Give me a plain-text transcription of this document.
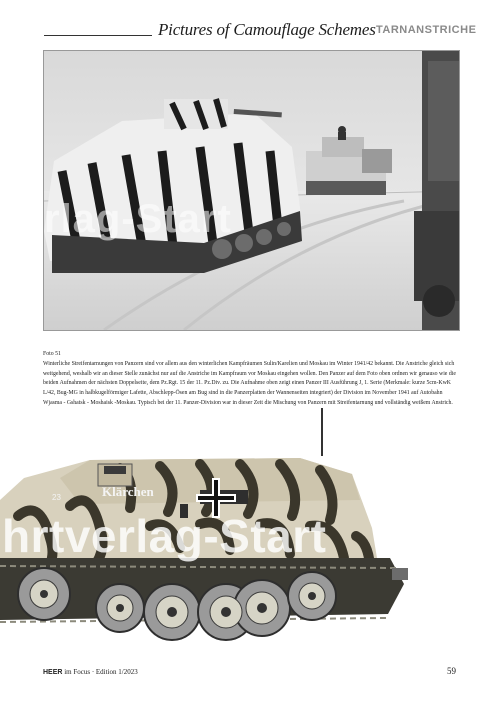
Pictures of Camouflage Schemes TARNANSTRICHE
rlag-Start
Foto 51
Winterliche Streifentarnungen von Panzern sind vor allem aus den winterlichen Kampfräumen Sulin/Karelien und Moskau im Winter 1941/42 bekannt. Die Anstriche gleich sich weitgehend, weshalb wir an dieser Stelle zunächst nur auf die Anstriche im Kampfraum vor Moskau eingehen wollen. Den Panzer auf dem Foto oben ordnen wir genauso wie die beiden Aufnahmen der nächsten Doppelseite, dem Pz.Rgt. 15 der 11. Pz.Div. zu. Die Aufnahme oben zeigt einen Panzer III Ausführung J, 1. Serie (Merkmale: kurze 5cm-KwK L/42, Bug-MG in halbkugelförmiger Lafette, Abschlepp-Ösen am Bug sind in die Panzerplatten der Wannenseiten integriert) der Division im November 1941 auf Autobahn Wjasma - Gshatsk - Moshaisk -Moskau. Typisch bei der 11. Panzer-Division war in dieser Zeit die Mischung von Panzern mit Streifentarnung und vollständig weißem Anstrich.
Klärchen
23
hrtverlag-Start
HEER im Focus · Edition 1/2023	59
